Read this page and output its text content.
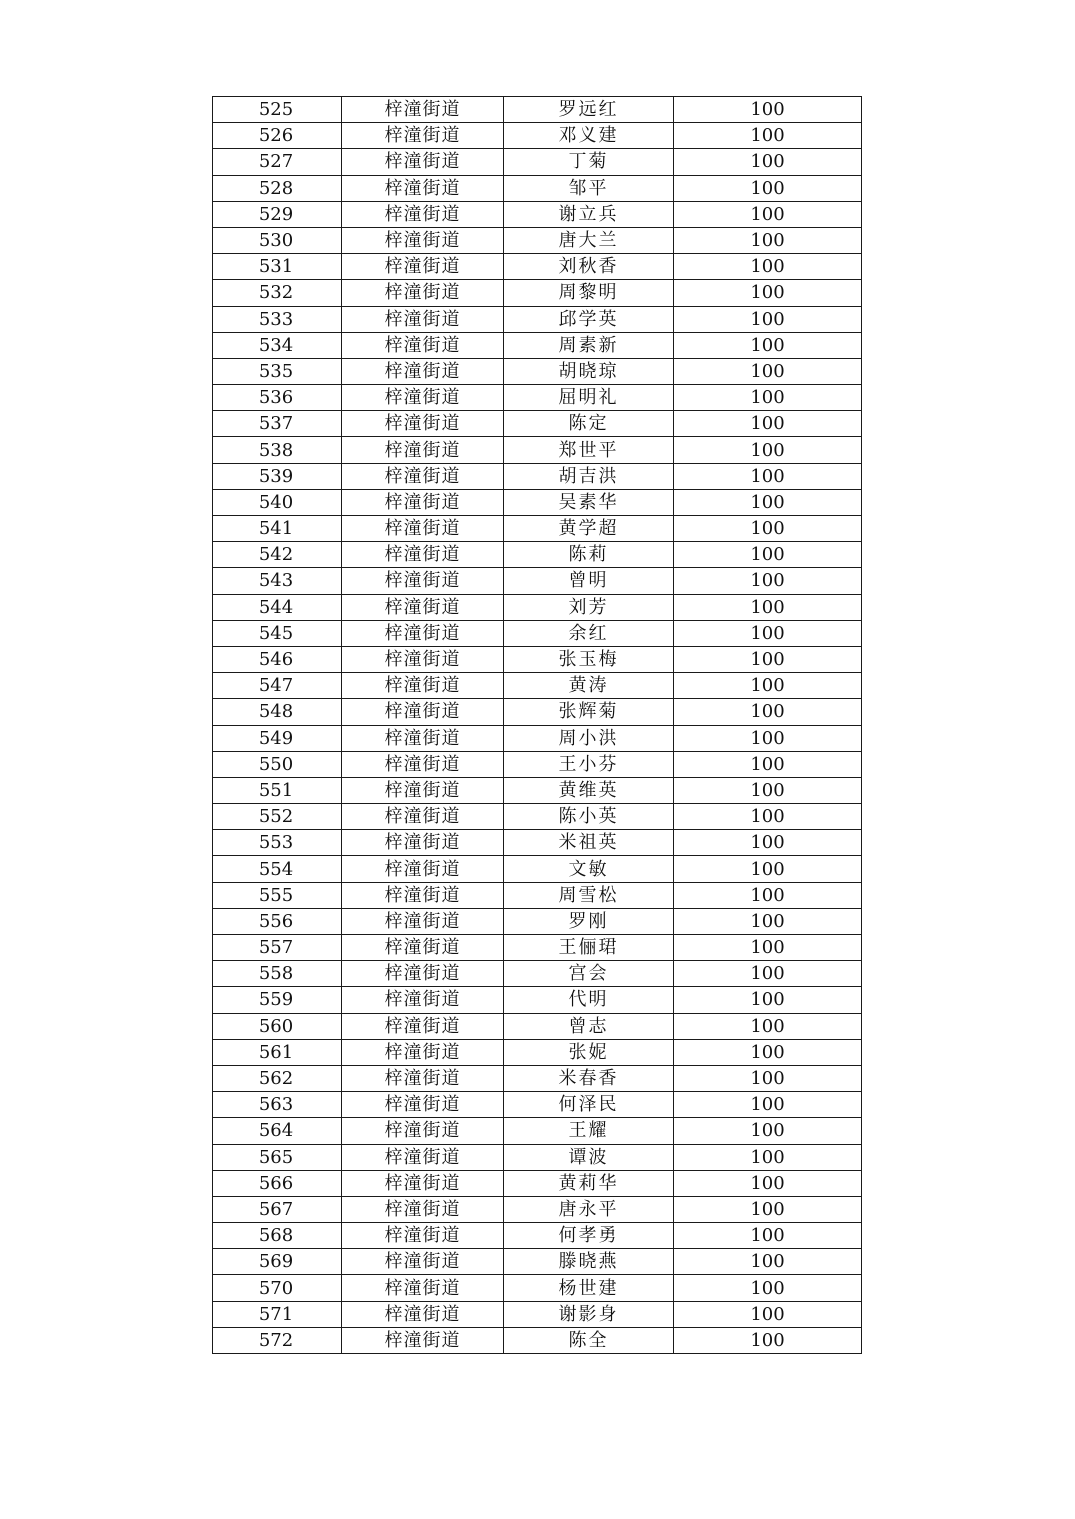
525	梓潼街道	罗远红	100
526	梓潼街道	邓义建	100
527	梓潼街道	丁菊	100
528	梓潼街道	邹平	100
529	梓潼街道	谢立兵	100
530	梓潼街道	唐大兰	100
531	梓潼街道	刘秋香	100
532	梓潼街道	周黎明	100
533	梓潼街道	邱学英	100
534	梓潼街道	周素新	100
535	梓潼街道	胡晓琼	100
536	梓潼街道	屈明礼	100
537	梓潼街道	陈定	100
538	梓潼街道	郑世平	100
539	梓潼街道	胡吉洪	100
540	梓潼街道	吴素华	100
541	梓潼街道	黄学超	100
542	梓潼街道	陈莉	100
543	梓潼街道	曾明	100
544	梓潼街道	刘芳	100
545	梓潼街道	余红	100
546	梓潼街道	张玉梅	100
547	梓潼街道	黄涛	100
548	梓潼街道	张辉菊	100
549	梓潼街道	周小洪	100
550	梓潼街道	王小芬	100
551	梓潼街道	黄维英	100
552	梓潼街道	陈小英	100
553	梓潼街道	米祖英	100
554	梓潼街道	文敏	100
555	梓潼街道	周雪松	100
556	梓潼街道	罗刚	100
557	梓潼街道	王俪珺	100
558	梓潼街道	宫会	100
559	梓潼街道	代明	100
560	梓潼街道	曾志	100
561	梓潼街道	张妮	100
562	梓潼街道	米春香	100
563	梓潼街道	何泽民	100
564	梓潼街道	王耀	100
565	梓潼街道	谭波	100
566	梓潼街道	黄莉华	100
567	梓潼街道	唐永平	100
568	梓潼街道	何孝勇	100
569	梓潼街道	滕晓燕	100
570	梓潼街道	杨世建	100
571	梓潼街道	谢影身	100
572	梓潼街道	陈全	100
